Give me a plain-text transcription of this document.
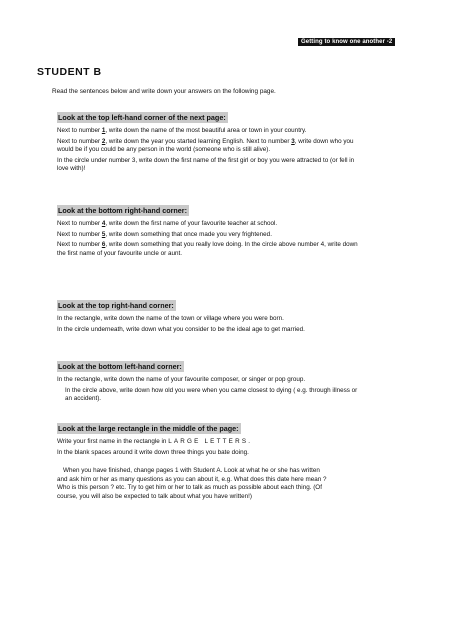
Getting to know one another -2
STUDENT B
Read the sentences below and write down your answers on the following page.
Look at the top left-hand corner of the next page:

Next to number 1, write down the name of the most beautiful area or town in your country.

Next to number 2, write down the year you started learning English. Next to number 3, write down who you would be if you could be any person in the world (someone who is still alive).

In the circle under number 3, write down the first name of the first girl or boy you were attracted to (or fell in love with)!

Look at the bottom right-hand corner:

Next to number 4, write down the first name of your favourite teacher at school.

Next to number 5, write down something that once made you very frightened.

Next to number 6, write down something that you really love doing. In the circle above number 4, write down the first name of your favourite uncle or aunt.

Look at the top right-hand corner:

In the rectangle, write down the name of the town or village where you were born.

In the circle underneath, write down what you consider to be the ideal age to get married.

Look at the bottom left-hand corner:

In the rectangle, write down the name of your favourite composer, or singer or pop group.

In the circle above, write down how old you were when you came closest to dying ( e.g. through illness or an accident).

Look at the large rectangle in the middle of the page:

Write your first name in the rectangle in LARGE LETTERS.

In the blank spaces around it write down three things you bate doing.

When you have finished, change pages 1 with Student A. Look at what he or she has written and ask him or her as many questions as you can about it, e.g. What does this date here mean ? Who is this person ? etc. Try to get him or her to talk as much as possible about each thing. (Of course, you will also be expected to talk about what you have written!)
